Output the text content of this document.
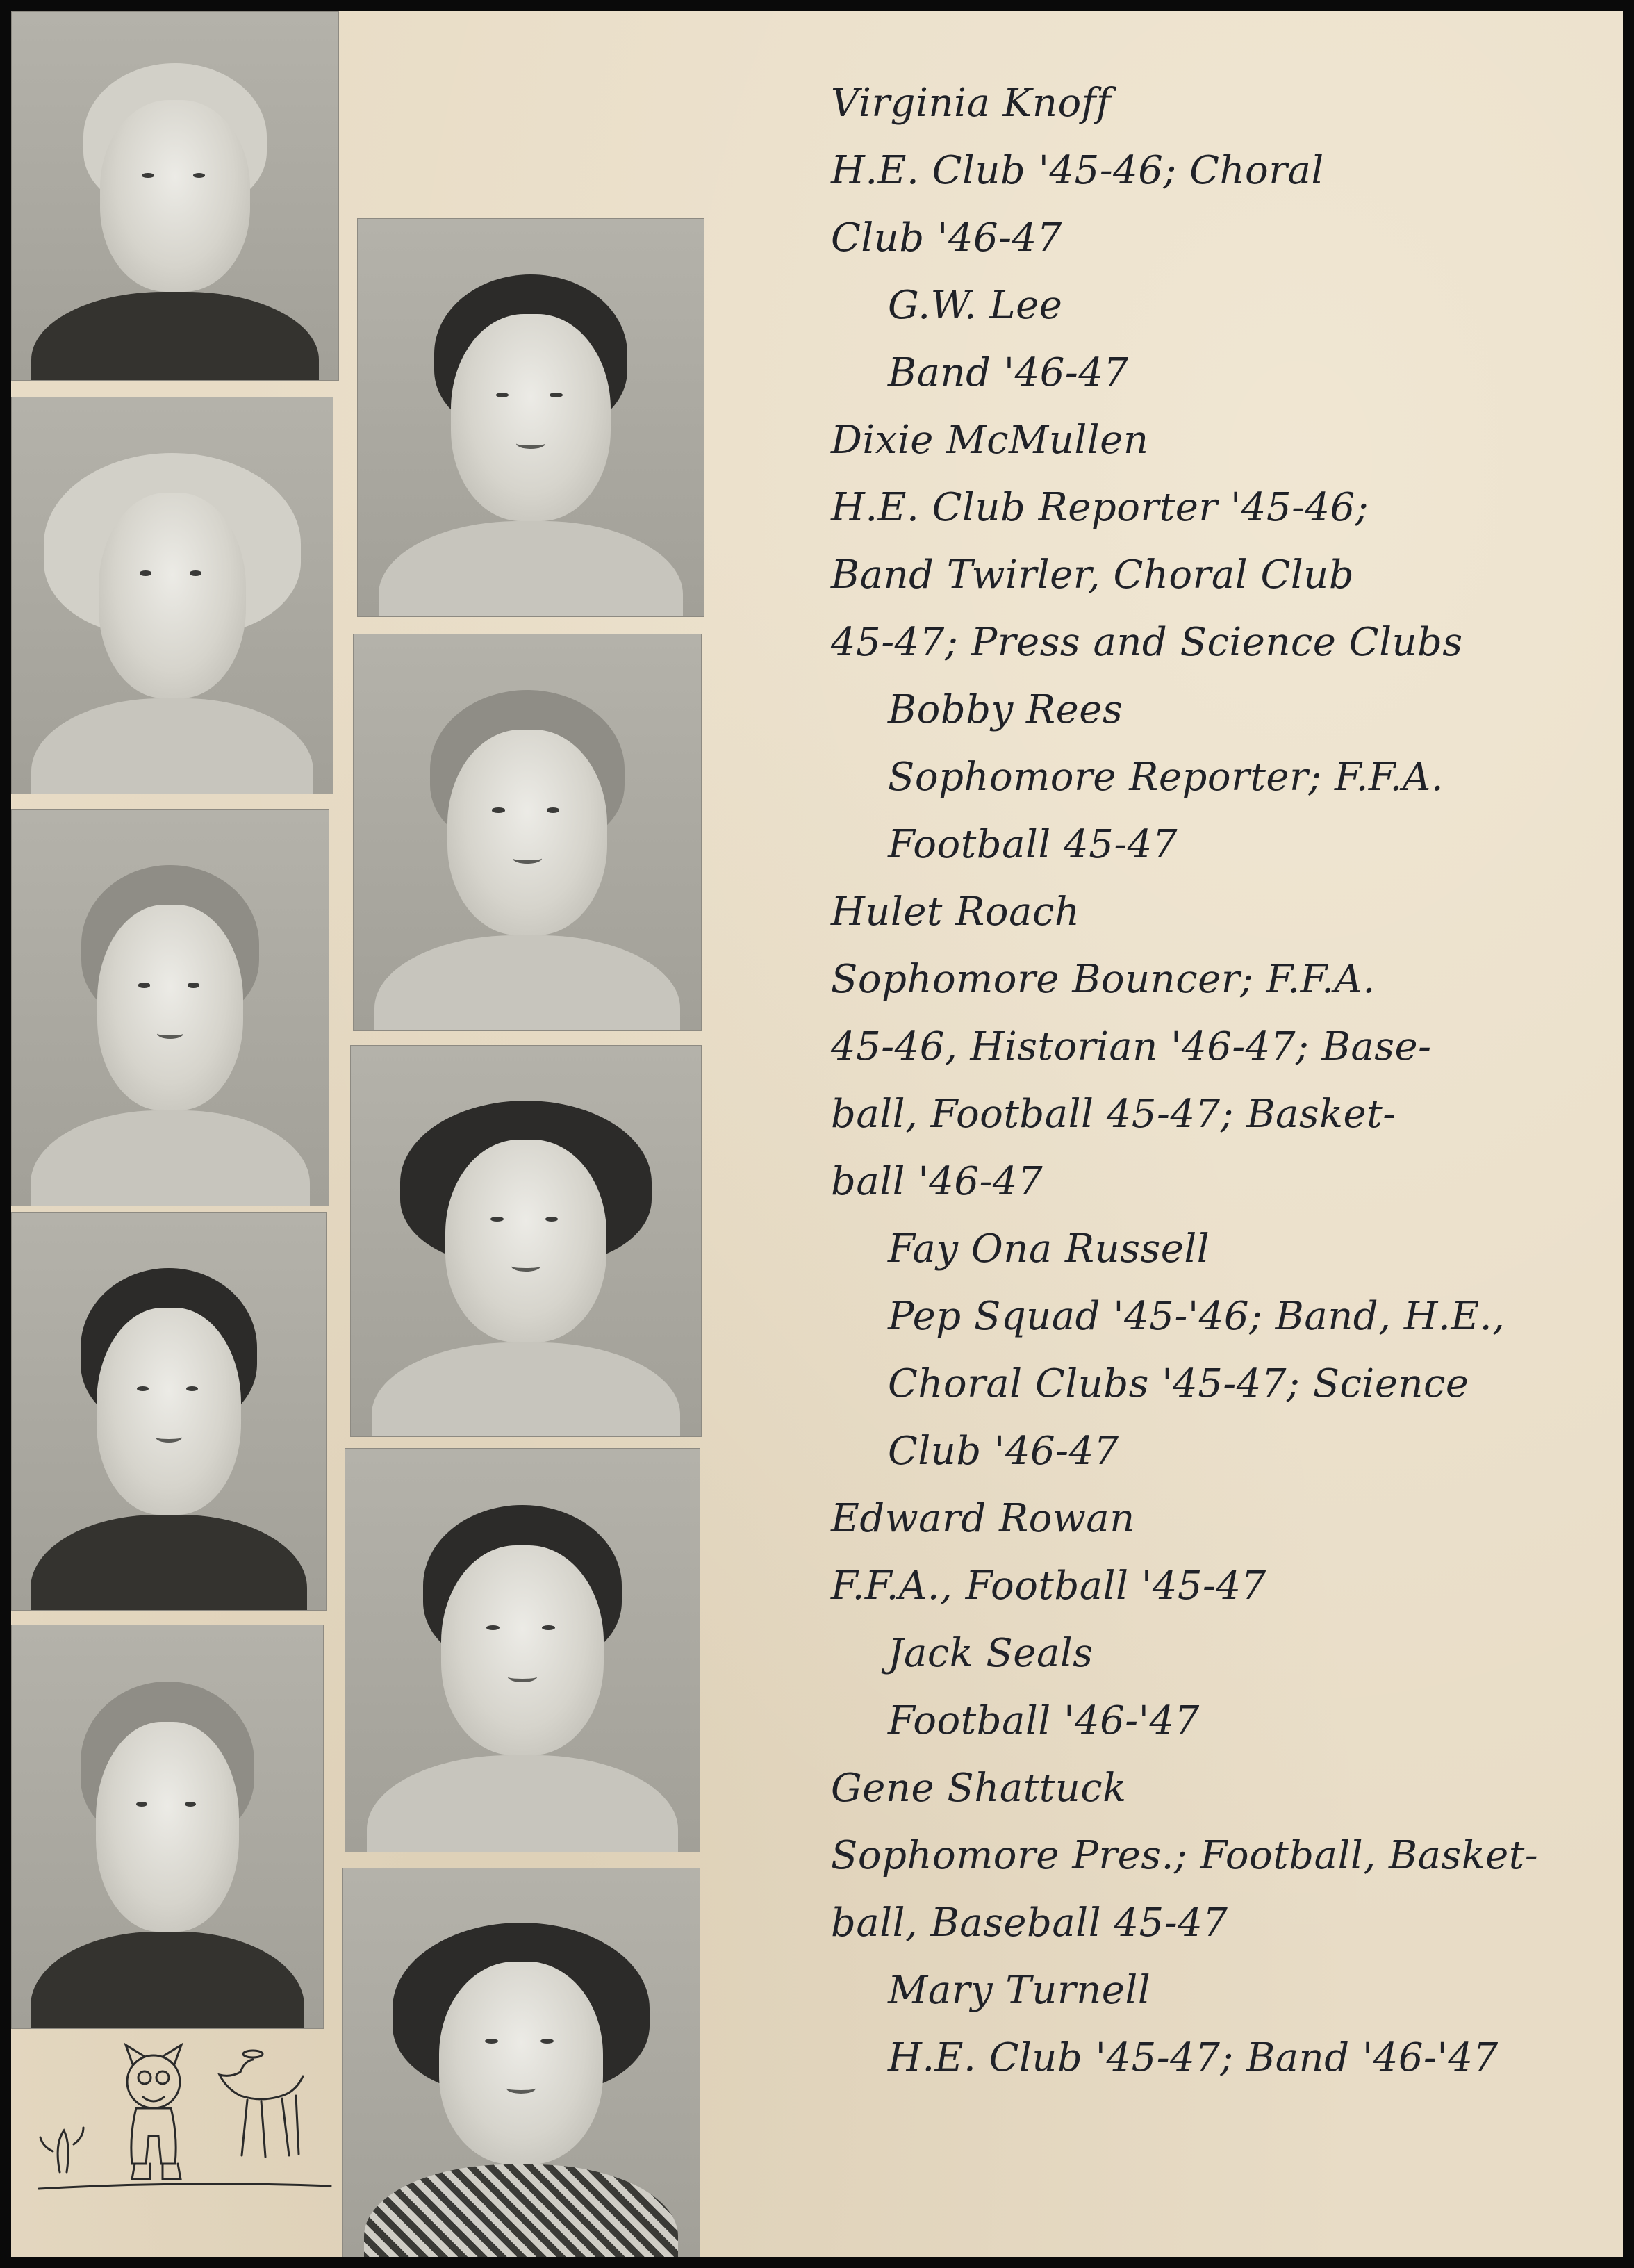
Virginia Knoff
H.E. Club '45-46; Choral
Club '46-47
G.W. Lee
Band '46-47
Dixie McMullen
H.E. Club Reporter '45-46;
Band Twirler, Choral Club
45-47; Press and Science Clubs
Bobby Rees
Sophomore Reporter; F.F.A.
Football 45-47
Hulet Roach
Sophomore Bouncer; F.F.A.
45-46, Historian '46-47; Base-
ball, Football 45-47; Basket-
ball '46-47
Fay Ona Russell
Pep Squad '45-'46; Band, H.E.,
Choral Clubs '45-47; Science
Club '46-47
Edward Rowan
F.F.A., Football '45-47
Jack Seals
Football '46-'47
Gene Shattuck
Sophomore Pres.; Football, Basket-
ball, Baseball 45-47
Mary Turnell
H.E. Club '45-47; Band '46-'47
